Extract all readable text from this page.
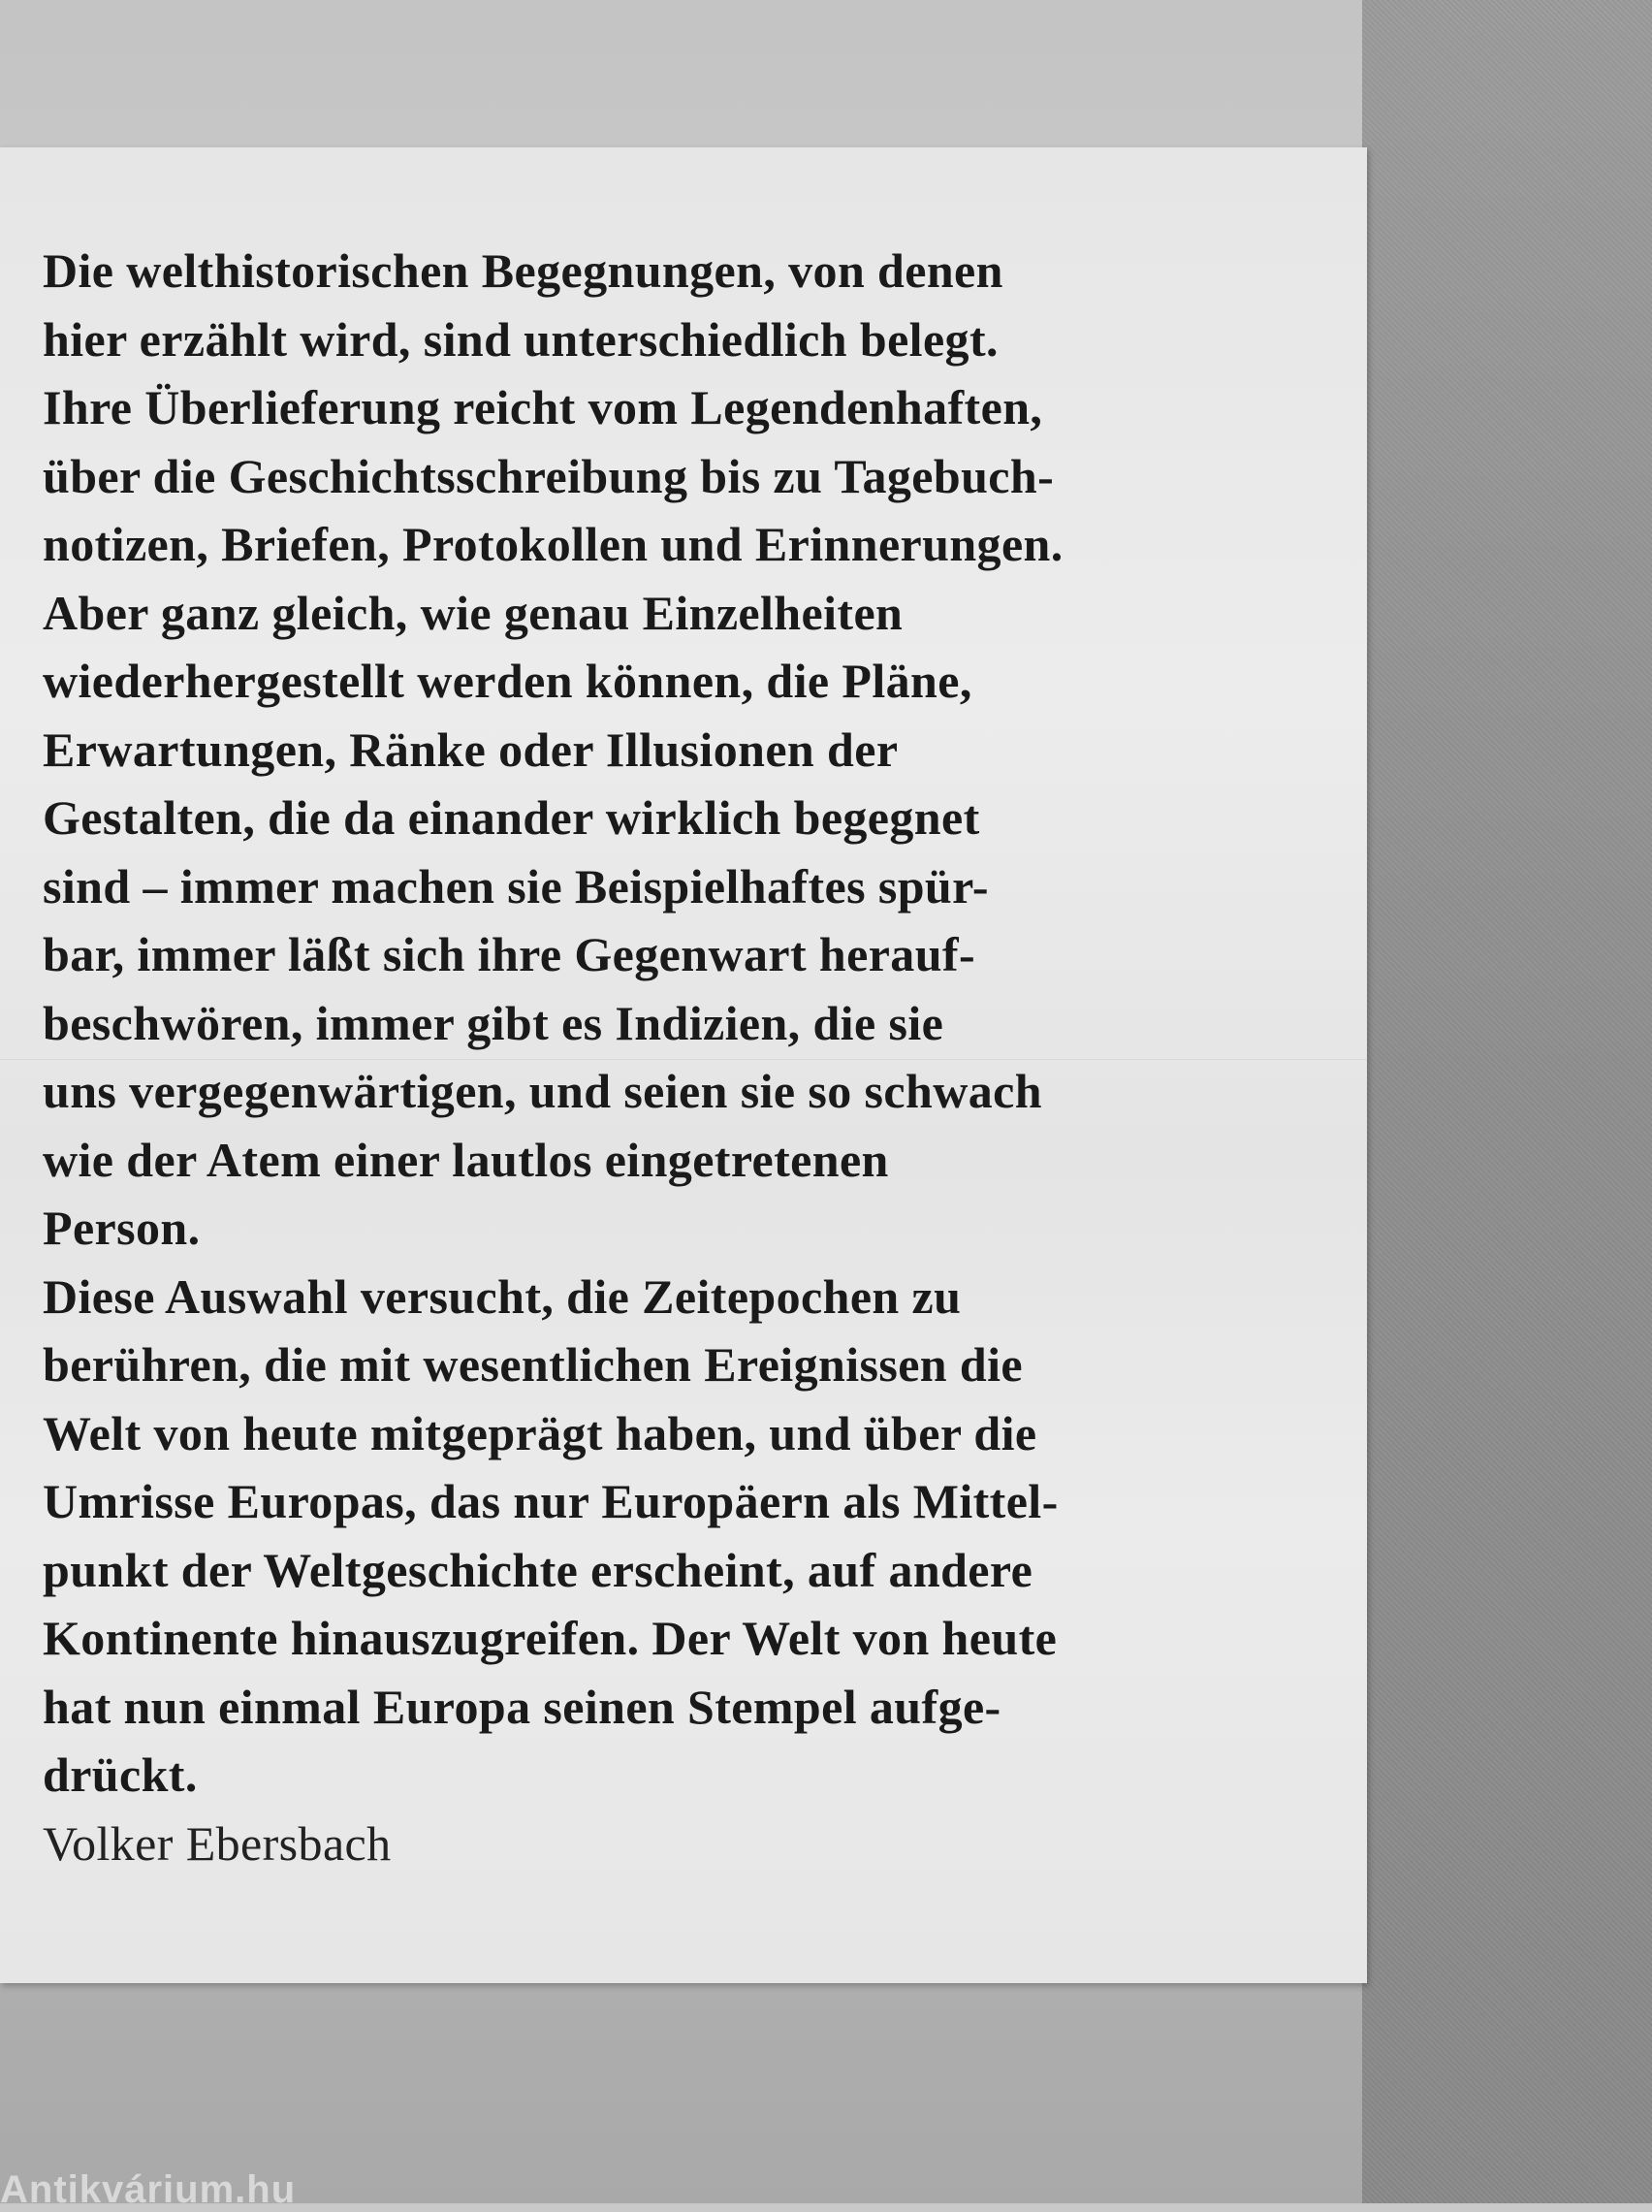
Die welthistorischen Begegnungen, von denen
hier erzählt wird, sind unterschiedlich belegt.
Ihre Überlieferung reicht vom Legendenhaften,
über die Geschichtsschreibung bis zu Tagebuch-
notizen, Briefen, Protokollen und Erinnerungen.
Aber ganz gleich, wie genau Einzelheiten
wiederhergestellt werden können, die Pläne,
Erwartungen, Ränke oder Illusionen der
Gestalten, die da einander wirklich begegnet
sind – immer machen sie Beispielhaftes spür-
bar, immer läßt sich ihre Gegenwart herauf-
beschwören, immer gibt es Indizien, die sie
uns vergegenwärtigen, und seien sie so schwach
wie der Atem einer lautlos eingetretenen
Person.
Diese Auswahl versucht, die Zeitepochen zu
berühren, die mit wesentlichen Ereignissen die
Welt von heute mitgeprägt haben, und über die
Umrisse Europas, das nur Europäern als Mittel-
punkt der Weltgeschichte erscheint, auf andere
Kontinente hinauszugreifen. Der Welt von heute
hat nun einmal Europa seinen Stempel aufge-
drückt.
Volker Ebersbach

Antikvárium.hu
